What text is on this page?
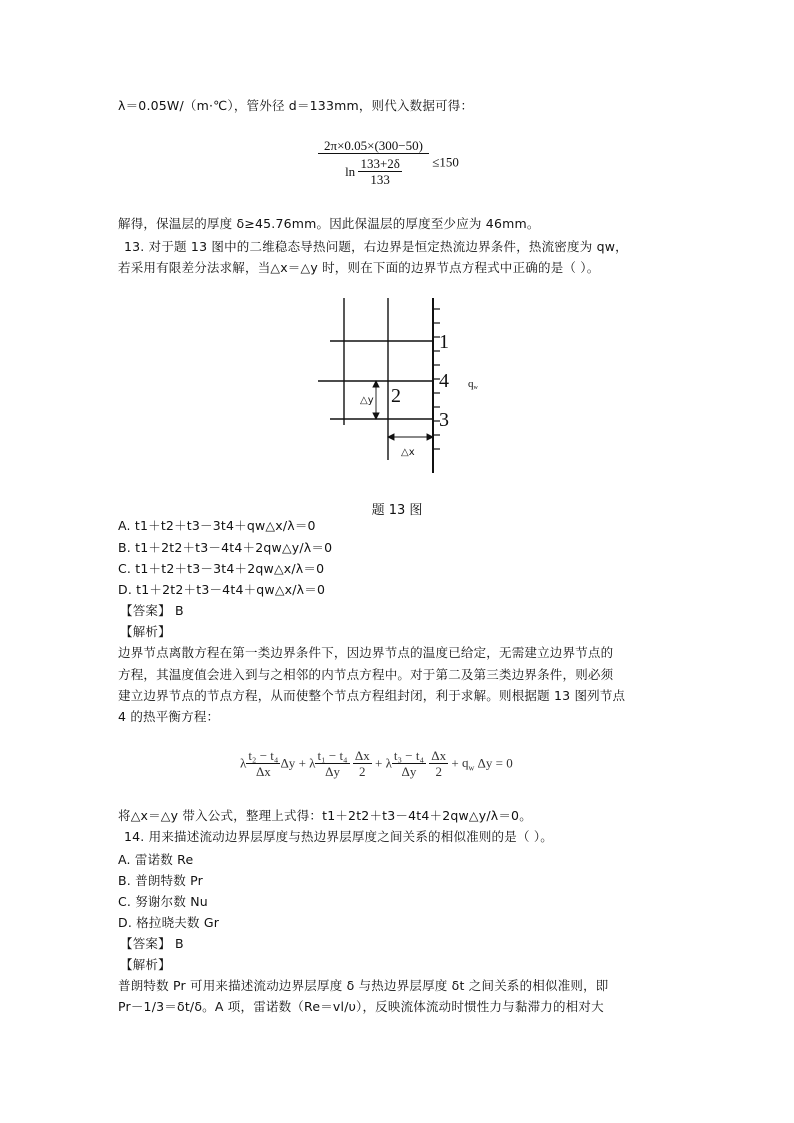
λ＝0.05W/（m·℃），管外径 d＝133mm，则代入数据可得：
$\frac{2\pi\times 0.05\times(300-50)}{\ln \frac{133+2\delta}{133}} \le 150$
解得，保温层的厚度 δ≥45.76mm。因此保温层的厚度至少应为 46mm。
13. 对于题 13 图中的二维稳态导热问题，右边界是恒定热流边界条件，热流密度为 qw，
若采用有限差分法求解，当△x＝△y 时，则在下面的边界节点方程式中正确的是（ ）。
1
4
2
3
qw
△y
△x
题 13 图
A. t1＋t2＋t3－3t4＋qw△x/λ＝0
B. t1＋2t2＋t3－4t4＋2qw△y/λ＝0
C. t1＋t2＋t3－3t4＋2qw△x/λ＝0
D. t1＋2t2＋t3－4t4＋qw△x/λ＝0
【答案】 B
【解析】
边界节点离散方程在第一类边界条件下，因边界节点的温度已给定，无需建立边界节点的
方程，其温度值会进入到与之相邻的内节点方程中。对于第二及第三类边界条件，则必须
建立边界节点的节点方程，从而使整个节点方程组封闭，利于求解。则根据题 13 图列节点
4 的热平衡方程：
λ $\frac{\text{t₂ − t₄}}{\Delta x}$ Δy + λ $\frac{\text{t₁ − t₄}}{\Delta y}$
$\frac{\Delta x}{2} + \lambda \frac{\text{t₃ − t₄}}{\Delta y}$
$\frac{\Delta x}{2} + q_w$ Δy = 0
将△x＝△y 带入公式，整理上式得：t1＋2t2＋t3－4t4＋2qw△y/λ＝0。
14. 用来描述流动边界层厚度与热边界层厚度之间关系的相似准则的是（ ）。
A. 雷诺数 Re
B. 普朗特数 Pr
C. 努谢尔数 Nu
D. 格拉晓夫数 Gr
【答案】 B
【解析】
普朗特数 Pr 可用来描述流动边界层厚度 δ 与热边界层厚度 δt 之间关系的相似准则，即
Pr－1/3＝δt/δ。A 项，雷诺数（Re＝vl/υ），反映流体流动时惯性力与黏滞力的相对大
